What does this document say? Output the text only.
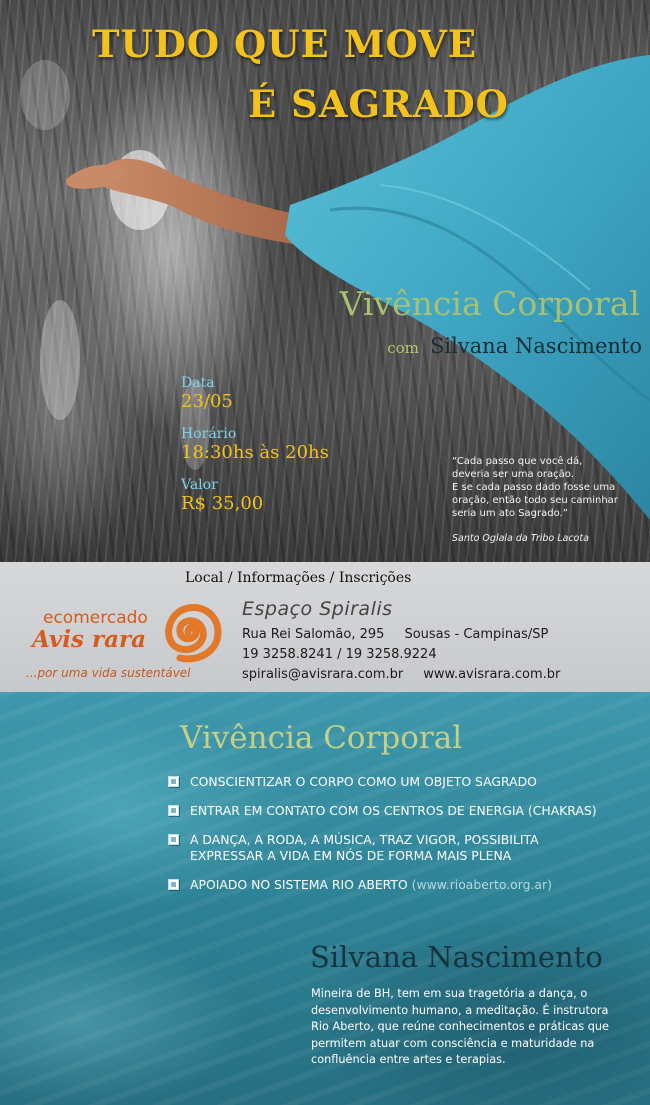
TUDO QUE MOVE
É SAGRADO
Vivência Corporal
com Silvana Nascimento

Data

23/05

Horário

18:30hs às 20hs

Valor

R$ 35,00

“Cada passo que você dá,
deveria ser uma oração.
E se cada passo dado fosse uma
oração, então todo seu caminhar
seria um ato Sagrado.”

Santo Oglala da Tribo Lacota

Local / Informações / Inscrições
ecomercado
Avis rara
...por uma vida sustentável

Espaço Spiralis

Rua Rei Salomão, 295 Sousas - Campinas/SP

19 3258.8241 / 19 3258.9224

spiralis@avisrara.com.br www.avisrara.com.br

Vivência Corporal
CONSCIENTIZAR O CORPO COMO UM OBJETO SAGRADO
ENTRAR EM CONTATO COM OS CENTROS DE ENERGIA (CHAKRAS)
A DANÇA, A RODA, A MÚSICA, TRAZ VIGOR, POSSIBILITA
EXPRESSAR A VIDA EM NÓS DE FORMA MAIS PLENA
APOIADO NO SISTEMA RIO ABERTO (www.rioaberto.org.ar)
Silvana Nascimento

Mineira de BH, tem em sua tragetória a dança, o
desenvolvimento humano, a meditação. É instrutora
Rio Aberto, que reúne conhecimentos e práticas que
permitem atuar com consciência e maturidade na
confluência entre artes e terapias.
